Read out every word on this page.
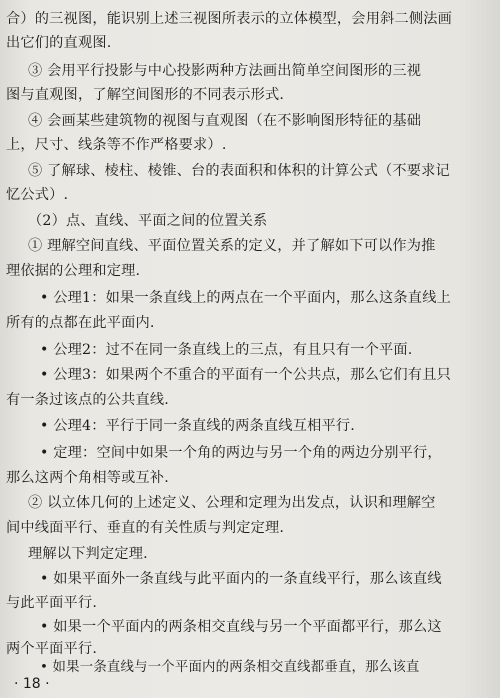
合）的三视图，能识别上述三视图所表示的立体模型，会用斜二侧法画
出它们的直观图.
③ 会用平行投影与中心投影两种方法画出简单空间图形的三视
图与直观图，了解空间图形的不同表示形式.
④ 会画某些建筑物的视图与直观图（在不影响图形特征的基础
上，尺寸、线条等不作严格要求）.
⑤ 了解球、棱柱、棱锥、台的表面积和体积的计算公式（不要求记
忆公式）.
（2）点、直线、平面之间的位置关系
① 理解空间直线、平面位置关系的定义，并了解如下可以作为推
理依据的公理和定理.
• 公理1：如果一条直线上的两点在一个平面内，那么这条直线上
所有的点都在此平面内.
• 公理2：过不在同一条直线上的三点，有且只有一个平面.
• 公理3：如果两个不重合的平面有一个公共点，那么它们有且只
有一条过该点的公共直线.
• 公理4：平行于同一条直线的两条直线互相平行.
• 定理：空间中如果一个角的两边与另一个角的两边分别平行，
那么这两个角相等或互补.
② 以立体几何的上述定义、公理和定理为出发点，认识和理解空
间中线面平行、垂直的有关性质与判定定理.
理解以下判定定理.
• 如果平面外一条直线与此平面内的一条直线平行，那么该直线
与此平面平行.
• 如果一个平面内的两条相交直线与另一个平面都平行，那么这
两个平面平行.
• 如果一条直线与一个平面内的两条相交直线都垂直，那么该直
· 18 ·
